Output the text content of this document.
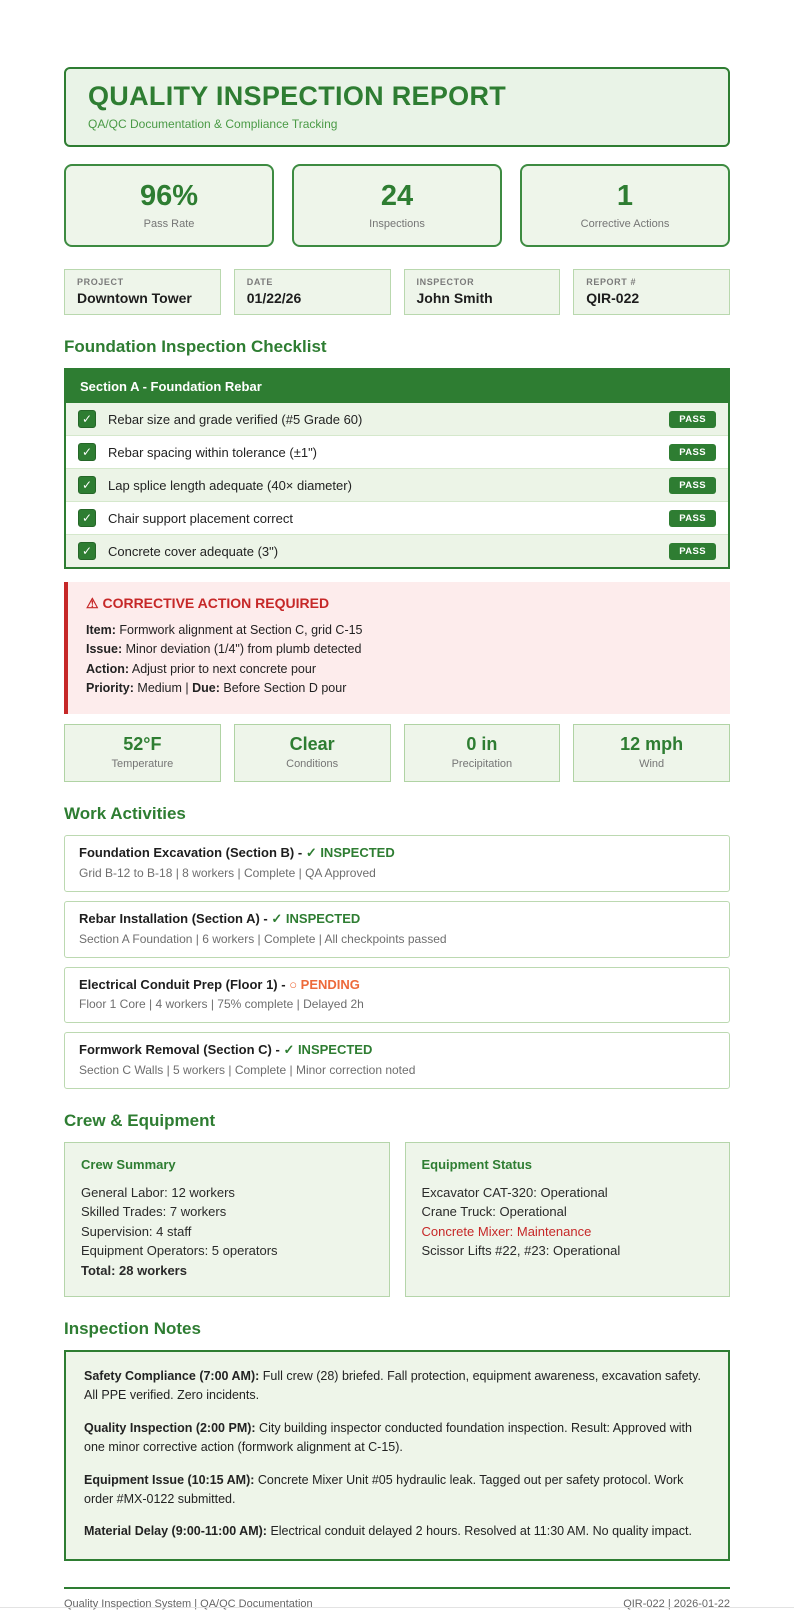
QUALITY INSPECTION REPORT
QA/QC Documentation & Compliance Tracking
96%
Pass Rate
24
Inspections
1
Corrective Actions
PROJECT
Downtown Tower
DATE
01/22/26
INSPECTOR
John Smith
REPORT #
QIR-022
Foundation Inspection Checklist
Section A - Foundation Rebar
✓ Rebar size and grade verified (#5 Grade 60)	PASS
✓ Rebar spacing within tolerance (±1")	PASS
✓ Lap splice length adequate (40× diameter)	PASS
✓ Chair support placement correct	PASS
✓ Concrete cover adequate (3")	PASS
⚠ CORRECTIVE ACTION REQUIRED
Item: Formwork alignment at Section C, grid C-15
Issue: Minor deviation (1/4") from plumb detected
Action: Adjust prior to next concrete pour
Priority: Medium | Due: Before Section D pour
52°F
Temperature
Clear
Conditions
0 in
Precipitation
12 mph
Wind
Work Activities
Foundation Excavation (Section B) - ✓ INSPECTED
Grid B-12 to B-18 | 8 workers | Complete | QA Approved
Rebar Installation (Section A) - ✓ INSPECTED
Section A Foundation | 6 workers | Complete | All checkpoints passed
Electrical Conduit Prep (Floor 1) - ○ PENDING
Floor 1 Core | 4 workers | 75% complete | Delayed 2h
Formwork Removal (Section C) - ✓ INSPECTED
Section C Walls | 5 workers | Complete | Minor correction noted
Crew & Equipment
Crew Summary
General Labor: 12 workers
Skilled Trades: 7 workers
Supervision: 4 staff
Equipment Operators: 5 operators
Total: 28 workers
Equipment Status
Excavator CAT-320: Operational
Crane Truck: Operational
Concrete Mixer: Maintenance
Scissor Lifts #22, #23: Operational
Inspection Notes

Safety Compliance (7:00 AM): Full crew (28) briefed. Fall protection, equipment awareness, excavation safety. All PPE verified. Zero incidents.

Quality Inspection (2:00 PM): City building inspector conducted foundation inspection. Result: Approved with one minor corrective action (formwork alignment at C-15).

Equipment Issue (10:15 AM): Concrete Mixer Unit #05 hydraulic leak. Tagged out per safety protocol. Work order #MX-0122 submitted.

Material Delay (9:00-11:00 AM): Electrical conduit delayed 2 hours. Resolved at 11:30 AM. No quality impact.

Quality Inspection System | QA/QC Documentation	QIR-022 | 2026-01-22
